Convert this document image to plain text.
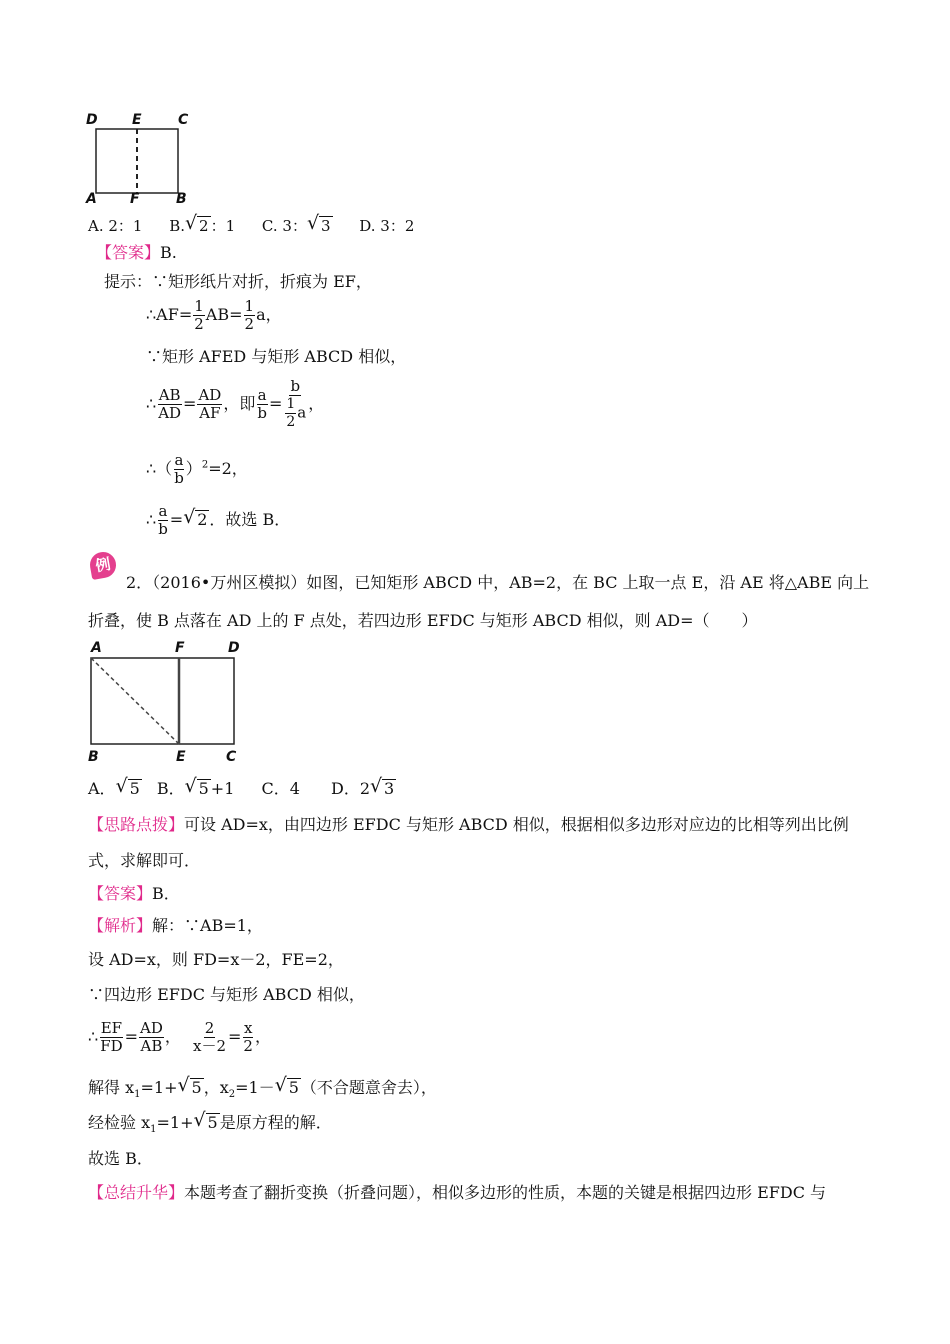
D E	C
A F	B
A. 2：1 B.√ 2 ：1 C. 3：√ 3 D. 3：2
【答案】B.
提示：∵矩形纸片对折，折痕为 EF，
∴AF= $\frac{1}{2} AB= \frac{1}{2}$ a，
∵矩形 AFED 与矩形 ABCD 相似，
∴ $\frac{AB}{AD} = \frac{AD}{AF}$ ，即 $\frac{a}{b} = \frac{b}{\frac{1}{2} a}$ ，
∴（ $\frac{a}{b} )^2=2$，
∴ $\frac{a}{b}$ =√ 2 ．故选 B．
例
2．（2016•万州区模拟）如图，已知矩形 ABCD 中，AB=2，在 BC 上取一点 E，沿 AE 将△ABE 向上
折叠，使 B 点落在 AD 上的 F 点处，若四边形 EFDC 与矩形 ABCD 相似，则 AD=（　　）
A	F	D
B	E	C
A．√ 5 B．√ 5 +1 C．4 D．2√ 3
【思路点拨】可设 AD=x，由四边形 EFDC 与矩形 ABCD 相似，根据相似多边形对应边的比相等列出比例
式，求解即可．
【答案】B．
【解析】解：∵AB=1，
设 AD=x，则 FD=x－2，FE=2，
∵四边形 EFDC 与矩形 ABCD 相似，
∴ $\frac{EF}{FD} = \frac{AD}{AB}$ ， $\frac{2}{x-2} = \frac{x}{2}$ ，
解得 $x_1=1+√$ 5 ，$x_2=1-√$ 5 （不合题意舍去），
经检验 $x_1=1+√$ 5 是原方程的解．
故选 B．
【总结升华】本题考查了翻折变换（折叠问题），相似多边形的性质，本题的关键是根据四边形 EFDC 与
